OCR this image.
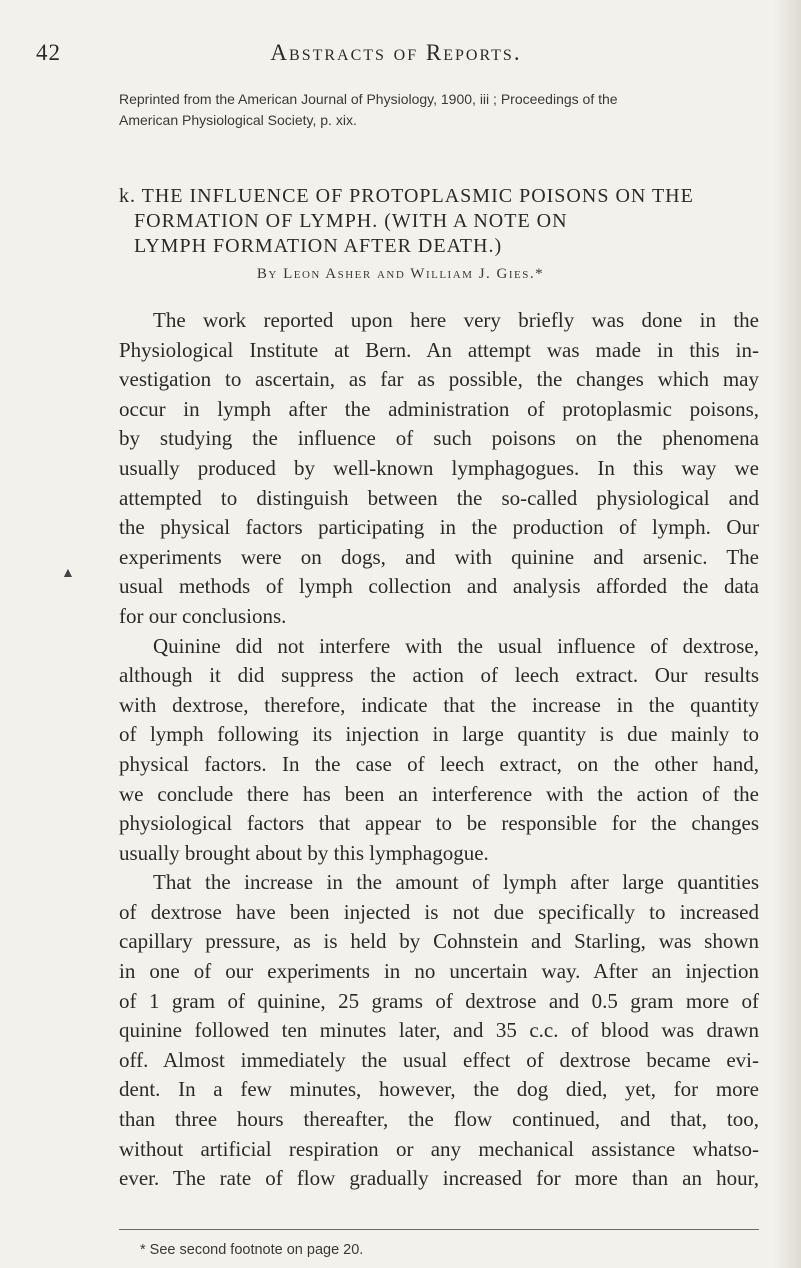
42	Abstracts of Reports.
Reprinted from the American Journal of Physiology, 1900, iii ; Proceedings of the
American Physiological Society, p. xix.
k. THE INFLUENCE OF PROTOPLASMIC POISONS ON THE
FORMATION OF LYMPH. (WITH A NOTE ON
LYMPH FORMATION AFTER DEATH.)
By Leon Asher and William J. Gies.*
▲
The work reported upon here very briefly was done in the
Physiological Institute at Bern. An attempt was made in this in-
vestigation to ascertain, as far as possible, the changes which may
occur in lymph after the administration of protoplasmic poisons,
by studying the influence of such poisons on the phenomena
usually produced by well-known lymphagogues. In this way we
attempted to distinguish between the so-called physiological and
the physical factors participating in the production of lymph. Our
experiments were on dogs, and with quinine and arsenic. The
usual methods of lymph collection and analysis afforded the data
for our conclusions.
Quinine did not interfere with the usual influence of dextrose,
although it did suppress the action of leech extract. Our results
with dextrose, therefore, indicate that the increase in the quantity
of lymph following its injection in large quantity is due mainly to
physical factors. In the case of leech extract, on the other hand,
we conclude there has been an interference with the action of the
physiological factors that appear to be responsible for the changes
usually brought about by this lymphagogue.
That the increase in the amount of lymph after large quantities
of dextrose have been injected is not due specifically to increased
capillary pressure, as is held by Cohnstein and Starling, was shown
in one of our experiments in no uncertain way. After an injection
of 1 gram of quinine, 25 grams of dextrose and 0.5 gram more of
quinine followed ten minutes later, and 35 c.c. of blood was drawn
off. Almost immediately the usual effect of dextrose became evi-
dent. In a few minutes, however, the dog died, yet, for more
than three hours thereafter, the flow continued, and that, too,
without artificial respiration or any mechanical assistance whatso-
ever. The rate of flow gradually increased for more than an hour,
* See second footnote on page 20.
